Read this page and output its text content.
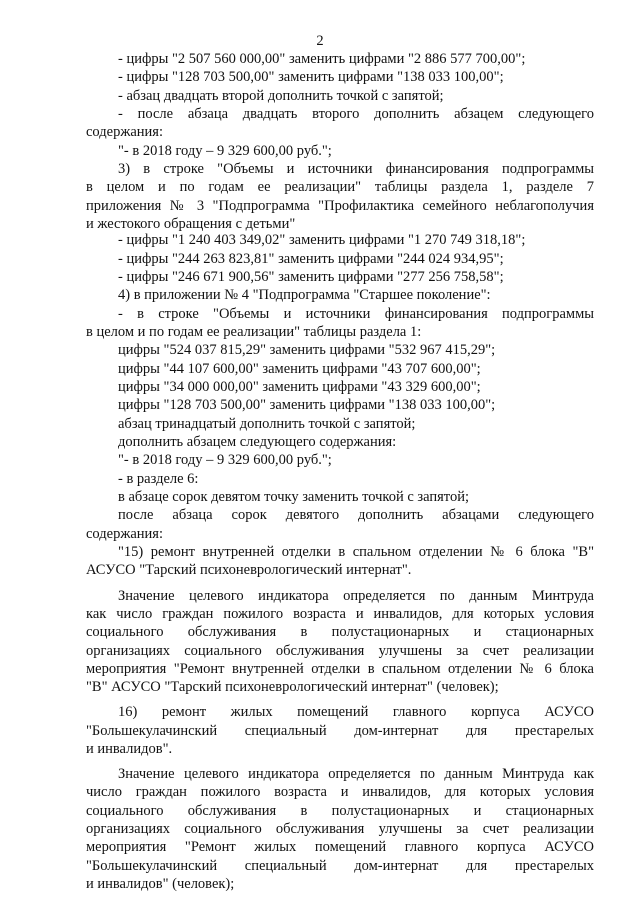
2
- цифры "2 507 560 000,00" заменить цифрами "2 886 577 700,00";
- цифры "128 703 500,00" заменить цифрами "138 033 100,00";
- абзац двадцать второй дополнить точкой с запятой;
- после абзаца двадцать второго дополнить абзацем следующего
содержания:
"- в 2018 году – 9 329 600,00 руб.";
3) в строке "Объемы и источники финансирования подпрограммы
в целом и по годам ее реализации" таблицы раздела 1, разделе 7
приложения № 3 "Подпрограмма "Профилактика семейного неблагополучия
и жестокого обращения с детьми"
- цифры "1 240 403 349,02" заменить цифрами "1 270 749 318,18";
- цифры "244 263 823,81" заменить цифрами "244 024 934,95";
- цифры "246 671 900,56" заменить цифрами "277 256 758,58";
4) в приложении № 4 "Подпрограмма "Старшее поколение":
- в строке "Объемы и источники финансирования подпрограммы
в целом и по годам ее реализации" таблицы раздела 1:
цифры "524 037 815,29" заменить цифрами "532 967 415,29";
цифры "44 107 600,00" заменить цифрами "43 707 600,00";
цифры "34 000 000,00" заменить цифрами "43 329 600,00";
цифры "128 703 500,00" заменить цифрами "138 033 100,00";
абзац тринадцатый дополнить точкой с запятой;
дополнить абзацем следующего содержания:
"- в 2018 году – 9 329 600,00 руб.";
- в разделе 6:
в абзаце сорок девятом точку заменить точкой с запятой;
после абзаца сорок девятого дополнить абзацами следующего
содержания:
"15) ремонт внутренней отделки в спальном отделении № 6 блока "В"
АСУСО "Тарский психоневрологический интернат".
Значение целевого индикатора определяется по данным Минтруда
как число граждан пожилого возраста и инвалидов, для которых условия
социального обслуживания в полустационарных и стационарных
организациях социального обслуживания улучшены за счет реализации
мероприятия "Ремонт внутренней отделки в спальном отделении № 6 блока
"В" АСУСО "Тарский психоневрологический интернат" (человек);
16) ремонт жилых помещений главного корпуса АСУСО
"Большекулачинский специальный дом-интернат для престарелых
и инвалидов".
Значение целевого индикатора определяется по данным Минтруда как
число граждан пожилого возраста и инвалидов, для которых условия
социального обслуживания в полустационарных и стационарных
организациях социального обслуживания улучшены за счет реализации
мероприятия "Ремонт жилых помещений главного корпуса АСУСО
"Большекулачинский специальный дом-интернат для престарелых
и инвалидов" (человек);
